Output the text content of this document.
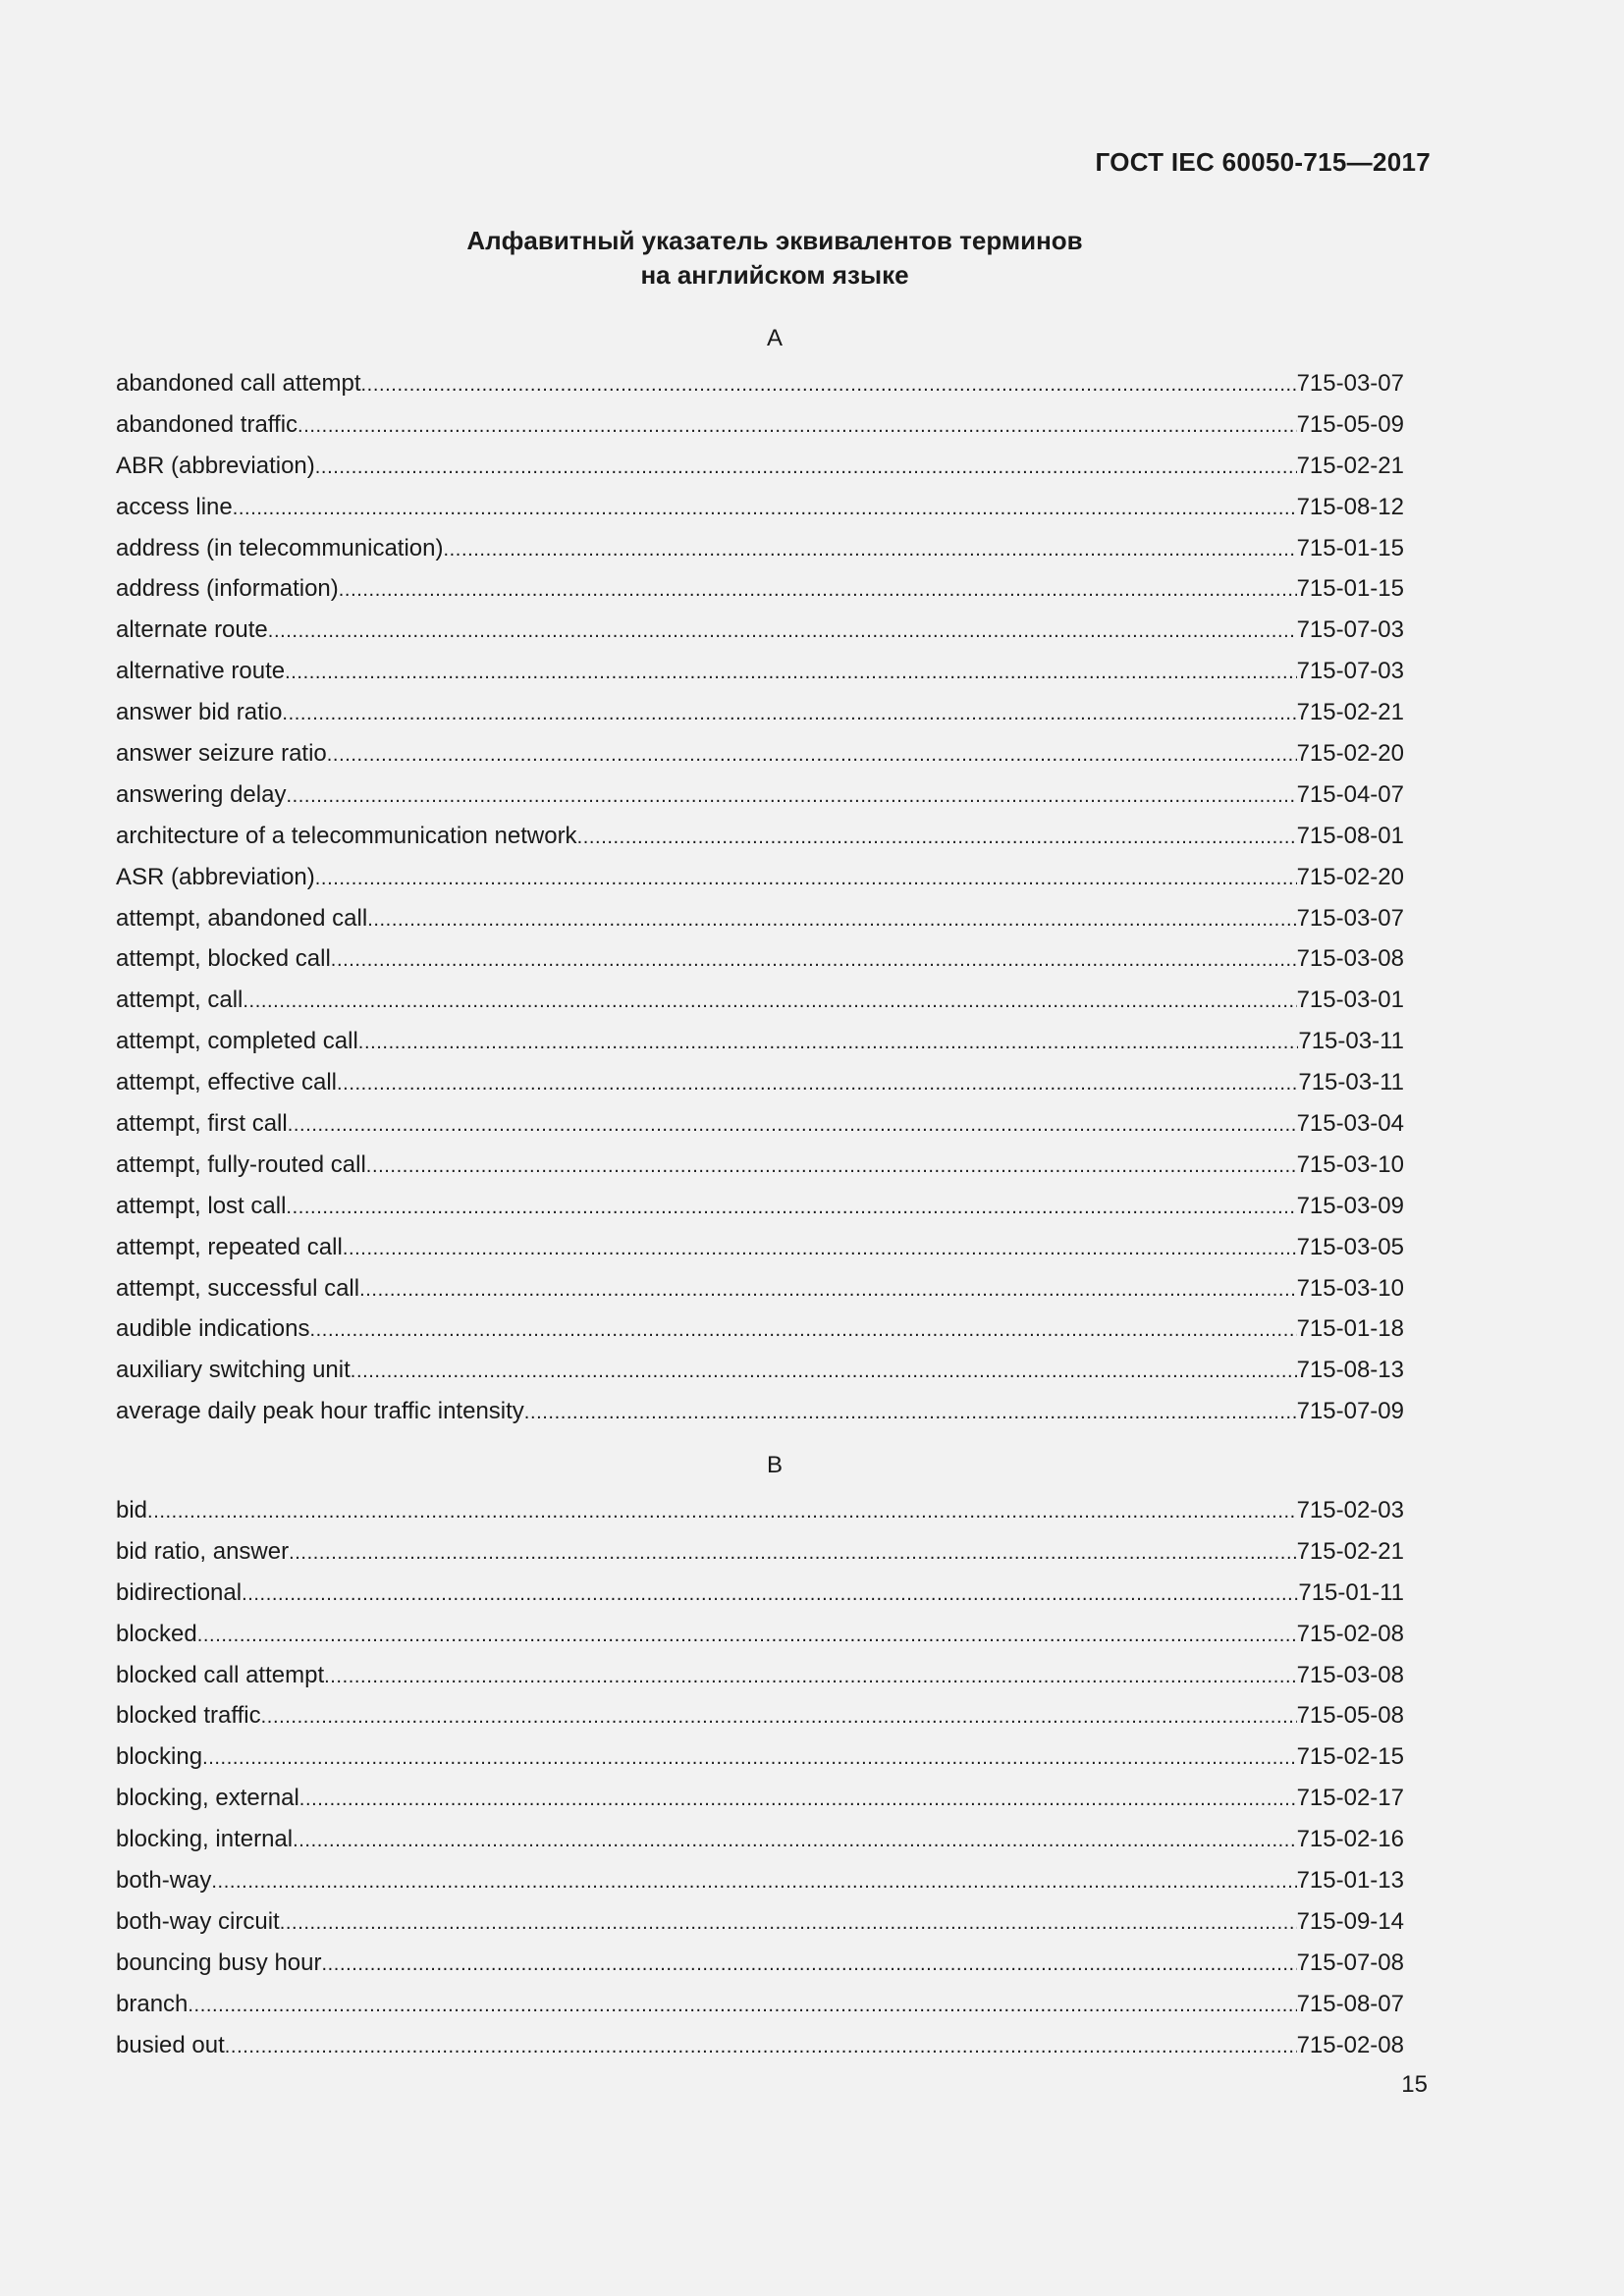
ГОСТ IEC 60050-715—2017
Алфавитный указатель эквивалентов терминов
на английском языке
A
abandoned call attempt .....	715-03-07
abandoned traffic .....	715-05-09
ABR (abbreviation) .....	715-02-21
access line .....	715-08-12
address (in telecommunication) .....	715-01-15
address (information) .....	715-01-15
alternate route .....	715-07-03
alternative route .....	715-07-03
answer bid ratio .....	715-02-21
answer seizure ratio .....	715-02-20
answering delay .....	715-04-07
architecture of a telecommunication network .....	715-08-01
ASR (abbreviation) .....	715-02-20
attempt, abandoned call .....	715-03-07
attempt, blocked call .....	715-03-08
attempt, call .....	715-03-01
attempt, completed call .....	715-03-11
attempt, effective call .....	715-03-11
attempt, first call .....	715-03-04
attempt, fully-routed call .....	715-03-10
attempt, lost call .....	715-03-09
attempt, repeated call .....	715-03-05
attempt, successful call .....	715-03-10
audible indications .....	715-01-18
auxiliary switching unit .....	715-08-13
average daily peak hour traffic intensity .....	715-07-09
B
bid .....	715-02-03
bid ratio, answer .....	715-02-21
bidirectional .....	715-01-11
blocked .....	715-02-08
blocked call attempt .....	715-03-08
blocked traffic .....	715-05-08
blocking .....	715-02-15
blocking, external .....	715-02-17
blocking, internal .....	715-02-16
both-way .....	715-01-13
both-way circuit .....	715-09-14
bouncing busy hour .....	715-07-08
branch .....	715-08-07
busied out .....	715-02-08
15
